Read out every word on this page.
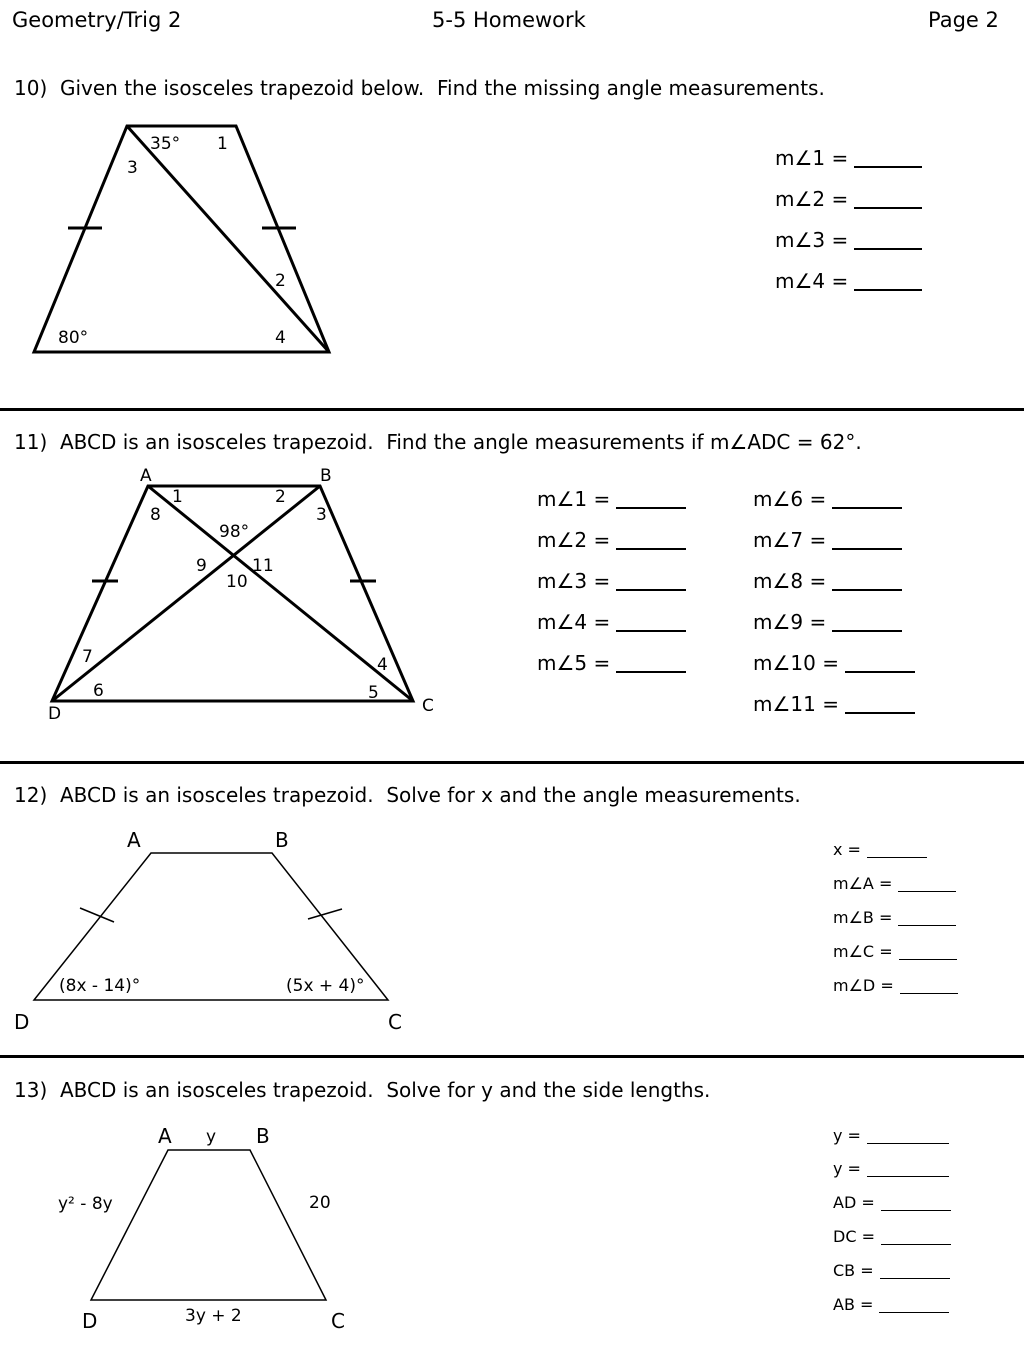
Geometry/Trig 2	5-5 Homework	Page 2
10)  Given the isosceles trapezoid below.  Find the missing angle measurements.
35° 1
3
2
80°	4
m∠1 =
m∠2 =
m∠3 =
m∠4 =
11)  ABCD is an isosceles trapezoid.  Find the angle measurements if m∠ADC = 62°.
A	B
C
D
1	2
3
4
5
6
7
8
9
10
11
98°
m∠1 =
m∠2 =
m∠3 =
m∠4 =
m∠5 =
m∠6 =
m∠7 =
m∠8 =
m∠9 =
m∠10 =
m∠11 =
12)  ABCD is an isosceles trapezoid.  Solve for x and the angle measurements.
A	B
C
D
(8x - 14)°	(5x + 4)°
x =
m∠A =
m∠B =
m∠C =
m∠D =
13)  ABCD is an isosceles trapezoid.  Solve for y and the side lengths.
A	B
C
D
y
y² - 8y	20
3y + 2
y =
y =
AD =
DC =
CB =
AB =
